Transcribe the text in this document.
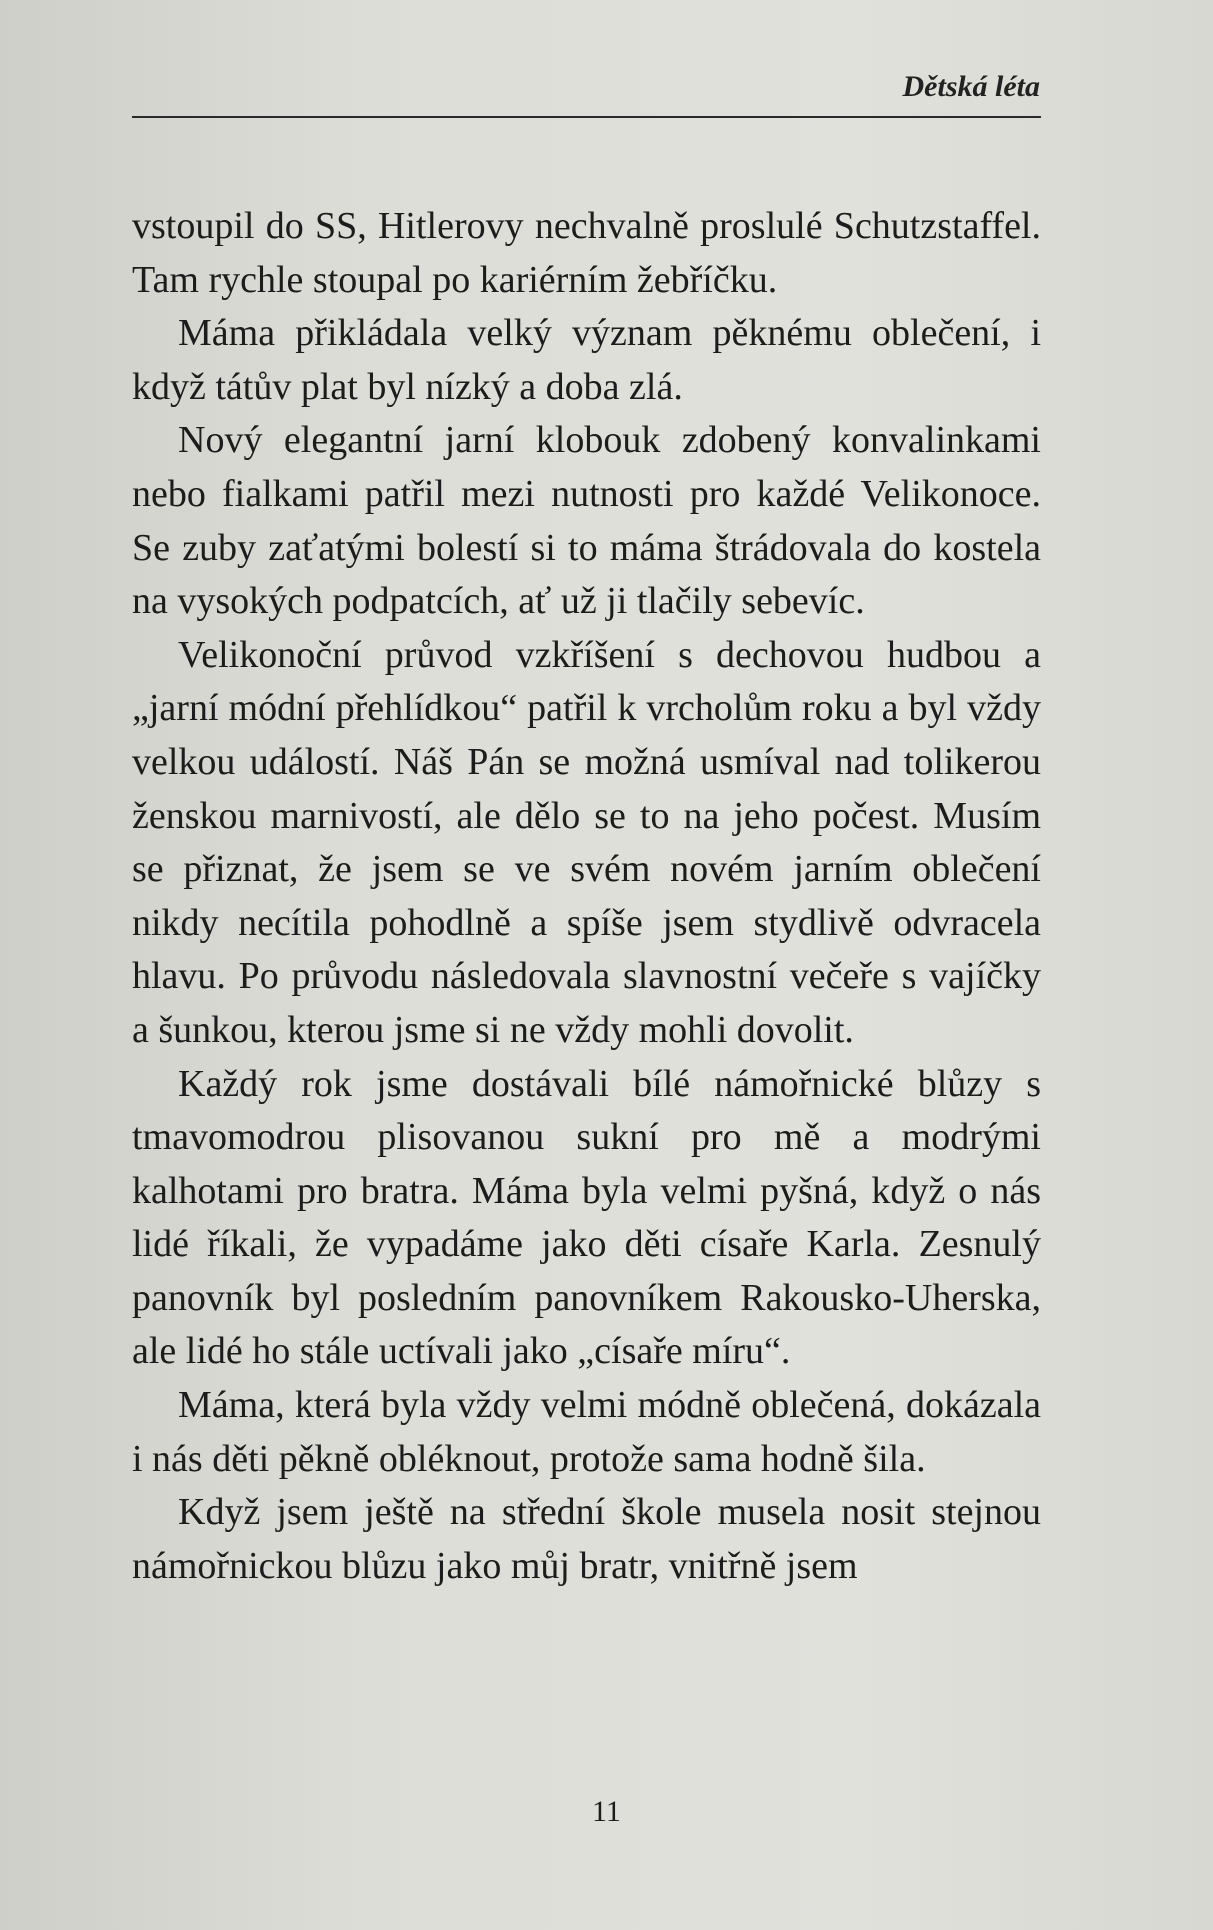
Dětská léta

vstoupil do SS, Hitlerovy nechvalně proslulé Schutzstaffel. Tam rychle stoupal po kariérním žebříčku.

Máma přikládala velký význam pěknému oblečení, i když tátův plat byl nízký a doba zlá.

Nový elegantní jarní klobouk zdobený konvalinkami nebo fialkami patřil mezi nutnosti pro každé Velikonoce. Se zuby zaťatými bolestí si to máma štrádovala do kostela na vysokých podpatcích, ať už ji tlačily sebevíc.

Velikonoční průvod vzkříšení s dechovou hudbou a „jarní módní přehlídkou“ patřil k vrcholům roku a byl vždy velkou událostí. Náš Pán se možná usmíval nad tolikerou ženskou marnivostí, ale dělo se to na jeho počest. Musím se přiznat, že jsem se ve svém novém jarním oblečení nikdy necítila pohodlně a spíše jsem stydlivě odvracela hlavu. Po průvodu následovala slavnostní večeře s vajíčky a šunkou, kterou jsme si ne vždy mohli dovolit.

Každý rok jsme dostávali bílé námořnické blůzy s tmavomodrou plisovanou sukní pro mě a modrými kalhotami pro bratra. Máma byla velmi pyšná, když o nás lidé říkali, že vypadáme jako děti císaře Karla. Zesnulý panovník byl posledním panovníkem Rakousko-Uherska, ale lidé ho stále uctívali jako „císaře míru“.

Máma, která byla vždy velmi módně oblečená, dokázala i nás děti pěkně obléknout, protože sama hodně šila.

Když jsem ještě na střední škole musela nosit stejnou námořnickou blůzu jako můj bratr, vnitřně jsem

11
